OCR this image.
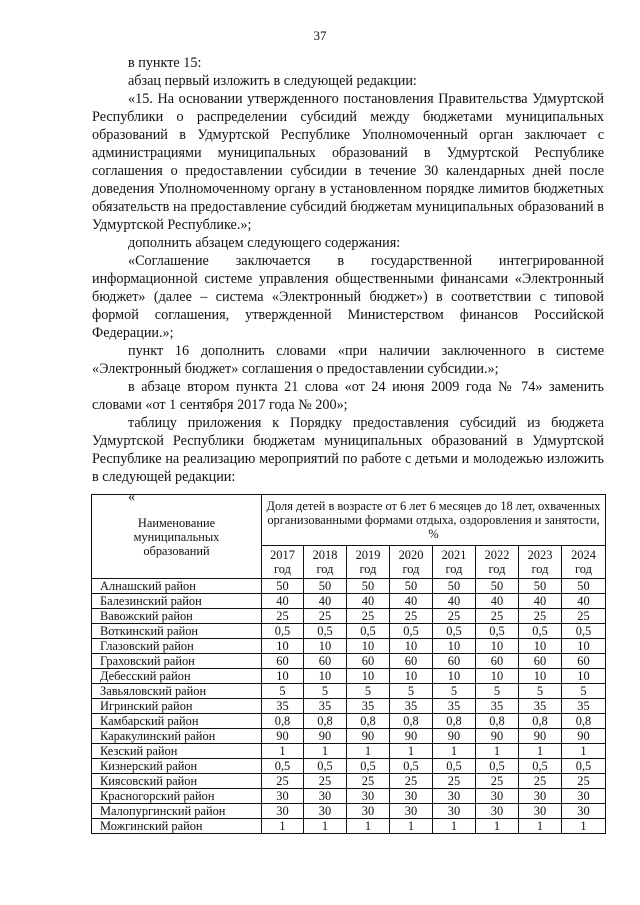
37

в пункте 15:

абзац первый изложить в следующей редакции:

«15. На основании утвержденного постановления Правительства Удмуртской Республики о распределении субсидий между бюджетами муниципальных образований в Удмуртской Республике Уполномоченный орган заключает с администрациями муниципальных образований в Удмуртской Республике соглашения о предоставлении субсидии в течение 30 календарных дней после доведения Уполномоченному органу в установленном порядке лимитов бюджетных обязательств на предоставление субсидий бюджетам муниципальных образований в Удмуртской Республике.»;

дополнить абзацем следующего содержания:

«Соглашение заключается в государственной интегрированной информационной системе управления общественными финансами «Электронный бюджет» (далее – система «Электронный бюджет») в соответствии с типовой формой соглашения, утвержденной Министерством финансов Российской Федерации.»;

пункт 16 дополнить словами «при наличии заключенного в системе «Электронный бюджет» соглашения о предоставлении субсидии.»;

в абзаце втором пункта 21 слова «от 24 июня 2009 года № 74» заменить словами «от 1 сентября 2017 года № 200»;

таблицу приложения к Порядку предоставления субсидий из бюджета Удмуртской Республики бюджетам муниципальных образований в Удмуртской Республике на реализацию мероприятий по работе с детьми и молодежью изложить в следующей редакции:

«

Наименование муниципальных образований	Доля детей в возрасте от 6 лет 6 месяцев до 18 лет, охваченных организованными формами отдыха, оздоровления и занятости, %							
	2017 год	2018 год	2019 год	2020 год	2021 год	2022 год	2023 год	2024 год
Алнашский район	50	50	50	50	50	50	50	50
Балезинский район	40	40	40	40	40	40	40	40
Вавожский район	25	25	25	25	25	25	25	25
Воткинский район	0,5	0,5	0,5	0,5	0,5	0,5	0,5	0,5
Глазовский район	10	10	10	10	10	10	10	10
Граховский район	60	60	60	60	60	60	60	60
Дебесский район	10	10	10	10	10	10	10	10
Завьяловский район	5	5	5	5	5	5	5	5
Игринский район	35	35	35	35	35	35	35	35
Камбарский район	0,8	0,8	0,8	0,8	0,8	0,8	0,8	0,8
Каракулинский район	90	90	90	90	90	90	90	90
Кезский район	1	1	1	1	1	1	1	1
Кизнерский район	0,5	0,5	0,5	0,5	0,5	0,5	0,5	0,5
Киясовский район	25	25	25	25	25	25	25	25
Красногорский район	30	30	30	30	30	30	30	30
Малопургинский район	30	30	30	30	30	30	30	30
Можгинский район	1	1	1	1	1	1	1	1
